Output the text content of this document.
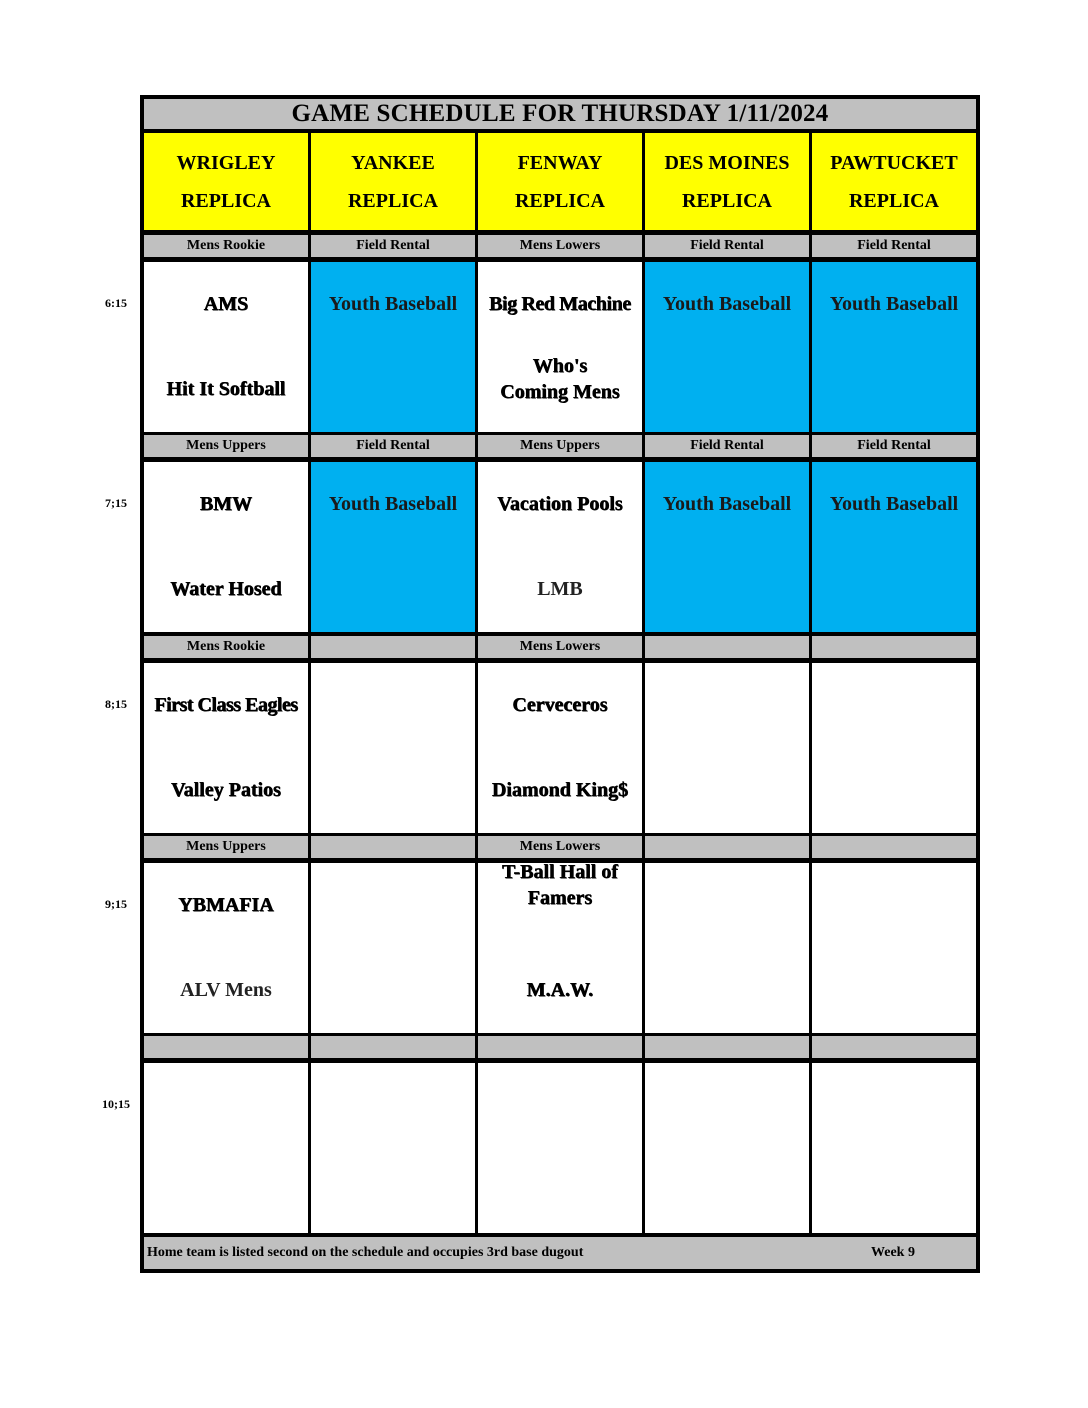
GAME SCHEDULE FOR THURSDAY 1/11/2024
WRIGLEY
REPLICA
YANKEE
REPLICA
FENWAY
REPLICA
DES MOINES
REPLICA
PAWTUCKET
REPLICA
Mens Rookie
AMS
Hit It Softball
Field Rental
Youth Baseball
Mens Lowers
Big Red Machine
Who's Coming Mens
Field Rental
Youth Baseball
Field Rental
Youth Baseball
Mens Uppers
BMW
Water Hosed
Field Rental
Youth Baseball
Mens Uppers
Vacation Pools
LMB
Field Rental
Youth Baseball
Field Rental
Youth Baseball
Mens Rookie
First Class Eagles
Valley Patios
Mens Lowers
Cerveceros
Diamond King$
Mens Uppers
YBMAFIA
ALV Mens
Mens Lowers
T-Ball Hall of Famers
M.A.W.
Home team is listed second on the schedule and occupies 3rd base dugout	Week 9
6:15
7;15
8;15
9;15
10;15
